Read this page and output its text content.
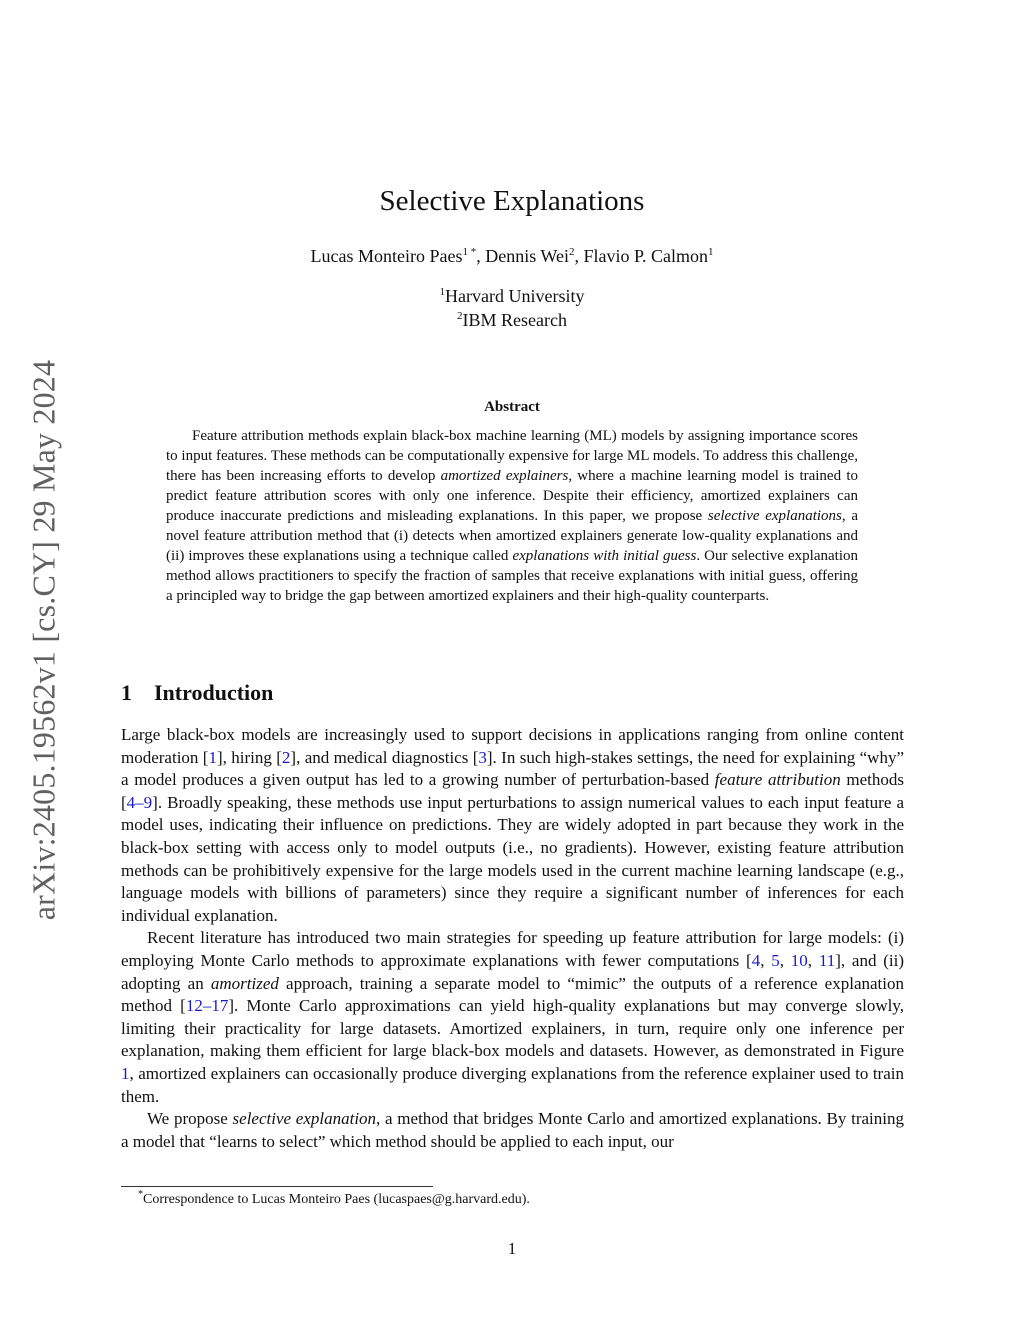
arXiv:2405.19562v1 [cs.CY] 29 May 2024
Selective Explanations
Lucas Monteiro Paes$^{1 *}$, Dennis Wei$^2$, Flavio P. Calmon$^1$
$^1$Harvard University
$^2$IBM Research
Abstract
Feature attribution methods explain black-box machine learning (ML) models by assigning importance scores to input features. These methods can be computationally expensive for large ML models. To address this challenge, there has been increasing efforts to develop amortized explainers, where a machine learning model is trained to predict feature attribution scores with only one inference. Despite their efficiency, amortized explainers can produce inaccurate predictions and misleading explanations. In this paper, we propose selective explanations, a novel feature attribution method that (i) detects when amortized explainers generate low-quality explanations and (ii) improves these explanations using a technique called explanations with initial guess. Our selective explanation method allows practitioners to specify the fraction of samples that receive explanations with initial guess, offering a principled way to bridge the gap between amortized explainers and their high-quality counterparts.
1 Introduction

Large black-box models are increasingly used to support decisions in applications ranging from online content moderation [1], hiring [2], and medical diagnostics [3]. In such high-stakes settings, the need for explaining “why” a model produces a given output has led to a growing number of perturbation-based feature attribution methods [4–9]. Broadly speaking, these methods use input perturbations to assign numerical values to each input feature a model uses, indicating their influence on predictions. They are widely adopted in part because they work in the black-box setting with access only to model outputs (i.e., no gradients). However, existing feature attribution methods can be prohibitively expensive for the large models used in the current machine learning landscape (e.g., language models with billions of parameters) since they require a significant number of inferences for each individual explanation.

Recent literature has introduced two main strategies for speeding up feature attribution for large models: (i) employing Monte Carlo methods to approximate explanations with fewer computations [4, 5, 10, 11], and (ii) adopting an amortized approach, training a separate model to “mimic” the outputs of a reference explanation method [12–17]. Monte Carlo approximations can yield high-quality explanations but may converge slowly, limiting their practicality for large datasets. Amortized explainers, in turn, require only one inference per explanation, making them efficient for large black-box models and datasets. However, as demonstrated in Figure 1, amortized explainers can occasionally produce diverging explanations from the reference explainer used to train them.

We propose selective explanation, a method that bridges Monte Carlo and amortized explanations. By training a model that “learns to select” which method should be applied to each input, our

*Correspondence to Lucas Monteiro Paes (lucaspaes@g.harvard.edu).
1
